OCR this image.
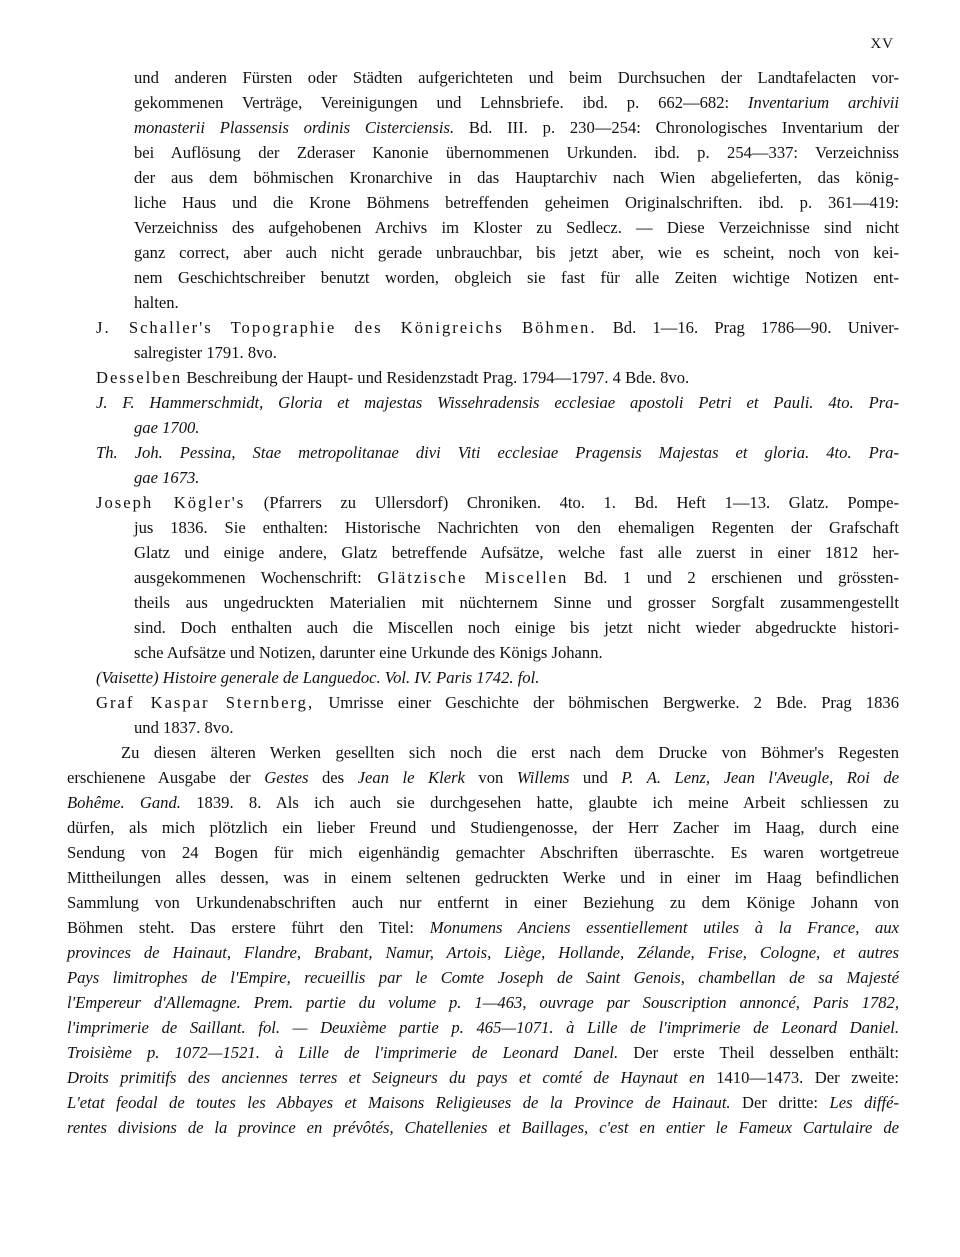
XV
und anderen Fürsten oder Städten aufgerichteten und beim Durchsuchen der Landtafelacten vor-
gekommenen Verträge, Vereinigungen und Lehnsbriefe. ibd. p. 662—682: Inventarium archivii
monasterii Plassensis ordinis Cisterciensis. Bd. III. p. 230—254: Chronologisches Inventarium der
bei Auflösung der Zderaser Kanonie übernommenen Urkunden. ibd. p. 254—337: Verzeichniss
der aus dem böhmischen Kronarchive in das Hauptarchiv nach Wien abgelieferten, das könig-
liche Haus und die Krone Böhmens betreffenden geheimen Originalschriften. ibd. p. 361—419:
Verzeichniss des aufgehobenen Archivs im Kloster zu Sedlecz. — Diese Verzeichnisse sind nicht
ganz correct, aber auch nicht gerade unbrauchbar, bis jetzt aber, wie es scheint, noch von kei-
nem Geschichtschreiber benutzt worden, obgleich sie fast für alle Zeiten wichtige Notizen ent-
halten.
J. Schaller's Topographie des Königreichs Böhmen. Bd. 1—16. Prag 1786—90. Univer-
salregister 1791. 8vo.
Desselben Beschreibung der Haupt- und Residenzstadt Prag. 1794—1797. 4 Bde. 8vo.
J. F. Hammerschmidt, Gloria et majestas Wissehradensis ecclesiae apostoli Petri et Pauli. 4to. Pra-
gae 1700.
Th. Joh. Pessina, Stae metropolitanae divi Viti ecclesiae Pragensis Majestas et gloria. 4to. Pra-
gae 1673.
Joseph Kögler's (Pfarrers zu Ullersdorf) Chroniken. 4to. 1. Bd. Heft 1—13. Glatz. Pompe-
jus 1836. Sie enthalten: Historische Nachrichten von den ehemaligen Regenten der Grafschaft
Glatz und einige andere, Glatz betreffende Aufsätze, welche fast alle zuerst in einer 1812 her-
ausgekommenen Wochenschrift: Glätzische Miscellen Bd. 1 und 2 erschienen und grössten-
theils aus ungedruckten Materialien mit nüchternem Sinne und grosser Sorgfalt zusammengestellt
sind. Doch enthalten auch die Miscellen noch einige bis jetzt nicht wieder abgedruckte histori-
sche Aufsätze und Notizen, darunter eine Urkunde des Königs Johann.
(Vaisette) Histoire generale de Languedoc. Vol. IV. Paris 1742. fol.
Graf Kaspar Sternberg, Umrisse einer Geschichte der böhmischen Bergwerke. 2 Bde. Prag 1836
und 1837. 8vo.
Zu diesen älteren Werken gesellten sich noch die erst nach dem Drucke von Böhmer's Regesten
erschienene Ausgabe der Gestes des Jean le Klerk von Willems und P. A. Lenz, Jean l'Aveugle, Roi de
Bohême. Gand. 1839. 8. Als ich auch sie durchgesehen hatte, glaubte ich meine Arbeit schliessen zu
dürfen, als mich plötzlich ein lieber Freund und Studiengenosse, der Herr Zacher im Haag, durch eine
Sendung von 24 Bogen für mich eigenhändig gemachter Abschriften überraschte. Es waren wortgetreue
Mittheilungen alles dessen, was in einem seltenen gedruckten Werke und in einer im Haag befindlichen
Sammlung von Urkundenabschriften auch nur entfernt in einer Beziehung zu dem Könige Johann von
Böhmen steht. Das erstere führt den Titel: Monumens Anciens essentiellement utiles à la France, aux
provinces de Hainaut, Flandre, Brabant, Namur, Artois, Liège, Hollande, Zélande, Frise, Cologne, et autres
Pays limitrophes de l'Empire, recueillis par le Comte Joseph de Saint Genois, chambellan de sa Majesté
l'Empereur d'Allemagne. Prem. partie du volume p. 1—463, ouvrage par Souscription annoncé, Paris 1782,
l'imprimerie de Saillant. fol. — Deuxième partie p. 465—1071. à Lille de l'imprimerie de Leonard Daniel.
Troisième p. 1072—1521. à Lille de l'imprimerie de Leonard Danel. Der erste Theil desselben enthält:
Droits primitifs des anciennes terres et Seigneurs du pays et comté de Haynaut en 1410—1473. Der zweite:
L'etat feodal de toutes les Abbayes et Maisons Religieuses de la Province de Hainaut. Der dritte: Les diffé-
rentes divisions de la province en prévôtés, Chatellenies et Baillages, c'est en entier le Fameux Cartulaire de
